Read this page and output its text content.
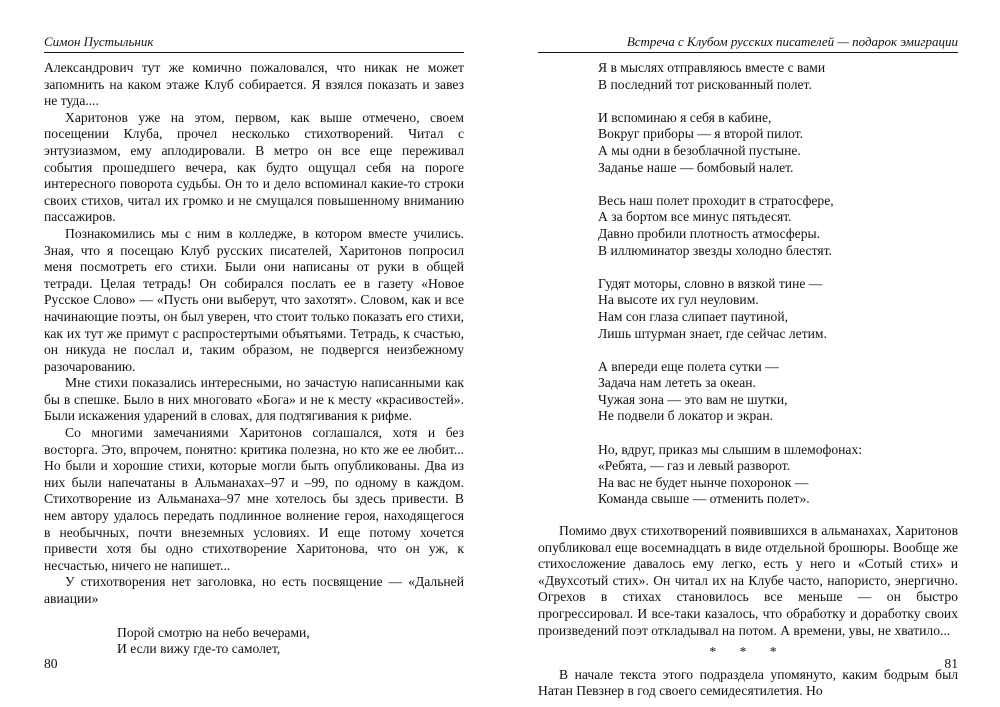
Симон Пустыльник

Александрович тут же комично пожаловался, что никак не может запомнить на каком этаже Клуб собирается. Я взялся показать и завез не туда....

Харитонов уже на этом, первом, как выше отмечено, своем посещении Клуба, прочел несколько стихотворений. Читал с энтузиазмом, ему аплодировали. В метро он все еще переживал события прошедшего вечера, как будто ощущал себя на пороге интересного поворота судьбы. Он то и дело вспоминал какие-то строки своих стихов, читал их громко и не смущался повышенному вниманию пассажиров.

Познакомились мы с ним в колледже, в котором вместе учились. Зная, что я посещаю Клуб русских писателей, Харитонов попросил меня посмотреть его стихи. Были они написаны от руки в общей тетради. Целая тетрадь! Он собирался послать ее в газету «Новое Русское Слово» — «Пусть они выберут, что захотят». Словом, как и все начинающие поэты, он был уверен, что стоит только показать его стихи, как их тут же примут с распростертыми объятьями. Тетрадь, к счастью, он никуда не послал и, таким образом, не подвергся неизбежному разочарованию.

Мне стихи показались интересными, но зачастую написанными как бы в спешке. Было в них многовато «Бога» и не к месту «красивостей». Были искажения ударений в словах, для подтягивания к рифме.

Со многими замечаниями Харитонов соглашался, хотя и без восторга. Это, впрочем, понятно: критика полезна, но кто же ее любит... Но были и хорошие стихи, которые могли быть опубликованы. Два из них были напечатаны в Альманахах–97 и –99, по одному в каждом. Стихотворение из Альманаха–97 мне хотелось бы здесь привести. В нем автору удалось передать подлинное волнение героя, находящегося в необычных, почти внеземных условиях. И еще потому хочется привести хотя бы одно стихотворение Харитонова, что он уж, к несчастью, ничего не напишет...

У стихотворения нет заголовка, но есть посвящение — «Дальней авиации»

Порой смотрю на небо вечерами,
И если вижу где-то самолет,
80
Встреча с Клубом русских писателей — подарок эмиграции
Я в мыслях отправляюсь вместе с вами
В последний тот рискованный полет.
И вспоминаю я себя в кабине,
Вокруг приборы — я второй пилот.
А мы одни в безоблачной пустыне.
Заданье наше — бомбовый налет.
Весь наш полет проходит в стратосфере,
А за бортом все минус пятьдесят.
Давно пробили плотность атмосферы.
В иллюминатор звезды холодно блестят.
Гудят моторы, словно в вязкой тине —
На высоте их гул неуловим.
Нам сон глаза слипает паутиной,
Лишь штурман знает, где сейчас летим.
А впереди еще полета сутки —
Задача нам лететь за океан.
Чужая зона — это вам не шутки,
Не подвели б локатор и экран.
Но, вдруг, приказ мы слышим в шлемофонах:
«Ребята, — газ и левый разворот.
На вас не будет нынче похоронок —
Команда свыше — отменить полет».

Помимо двух стихотворений появившихся в альманахах, Харитонов опубликовал еще восемнадцать в виде отдельной брошюры. Вообще же стихосложение давалось ему легко, есть у него и «Сотый стих» и «Двухсотый стих». Он читал их на Клубе часто, напористо, энергично. Огрехов в стихах становилось все меньше — он быстро прогрессировал. И все-таки казалось, что обработку и доработку своих произведений поэт откладывал на потом. А времени, увы, не хватило...

* * *

В начале текста этого подраздела упомянуто, каким бодрым был Натан Певзнер в год своего семидесятилетия. Но

81
